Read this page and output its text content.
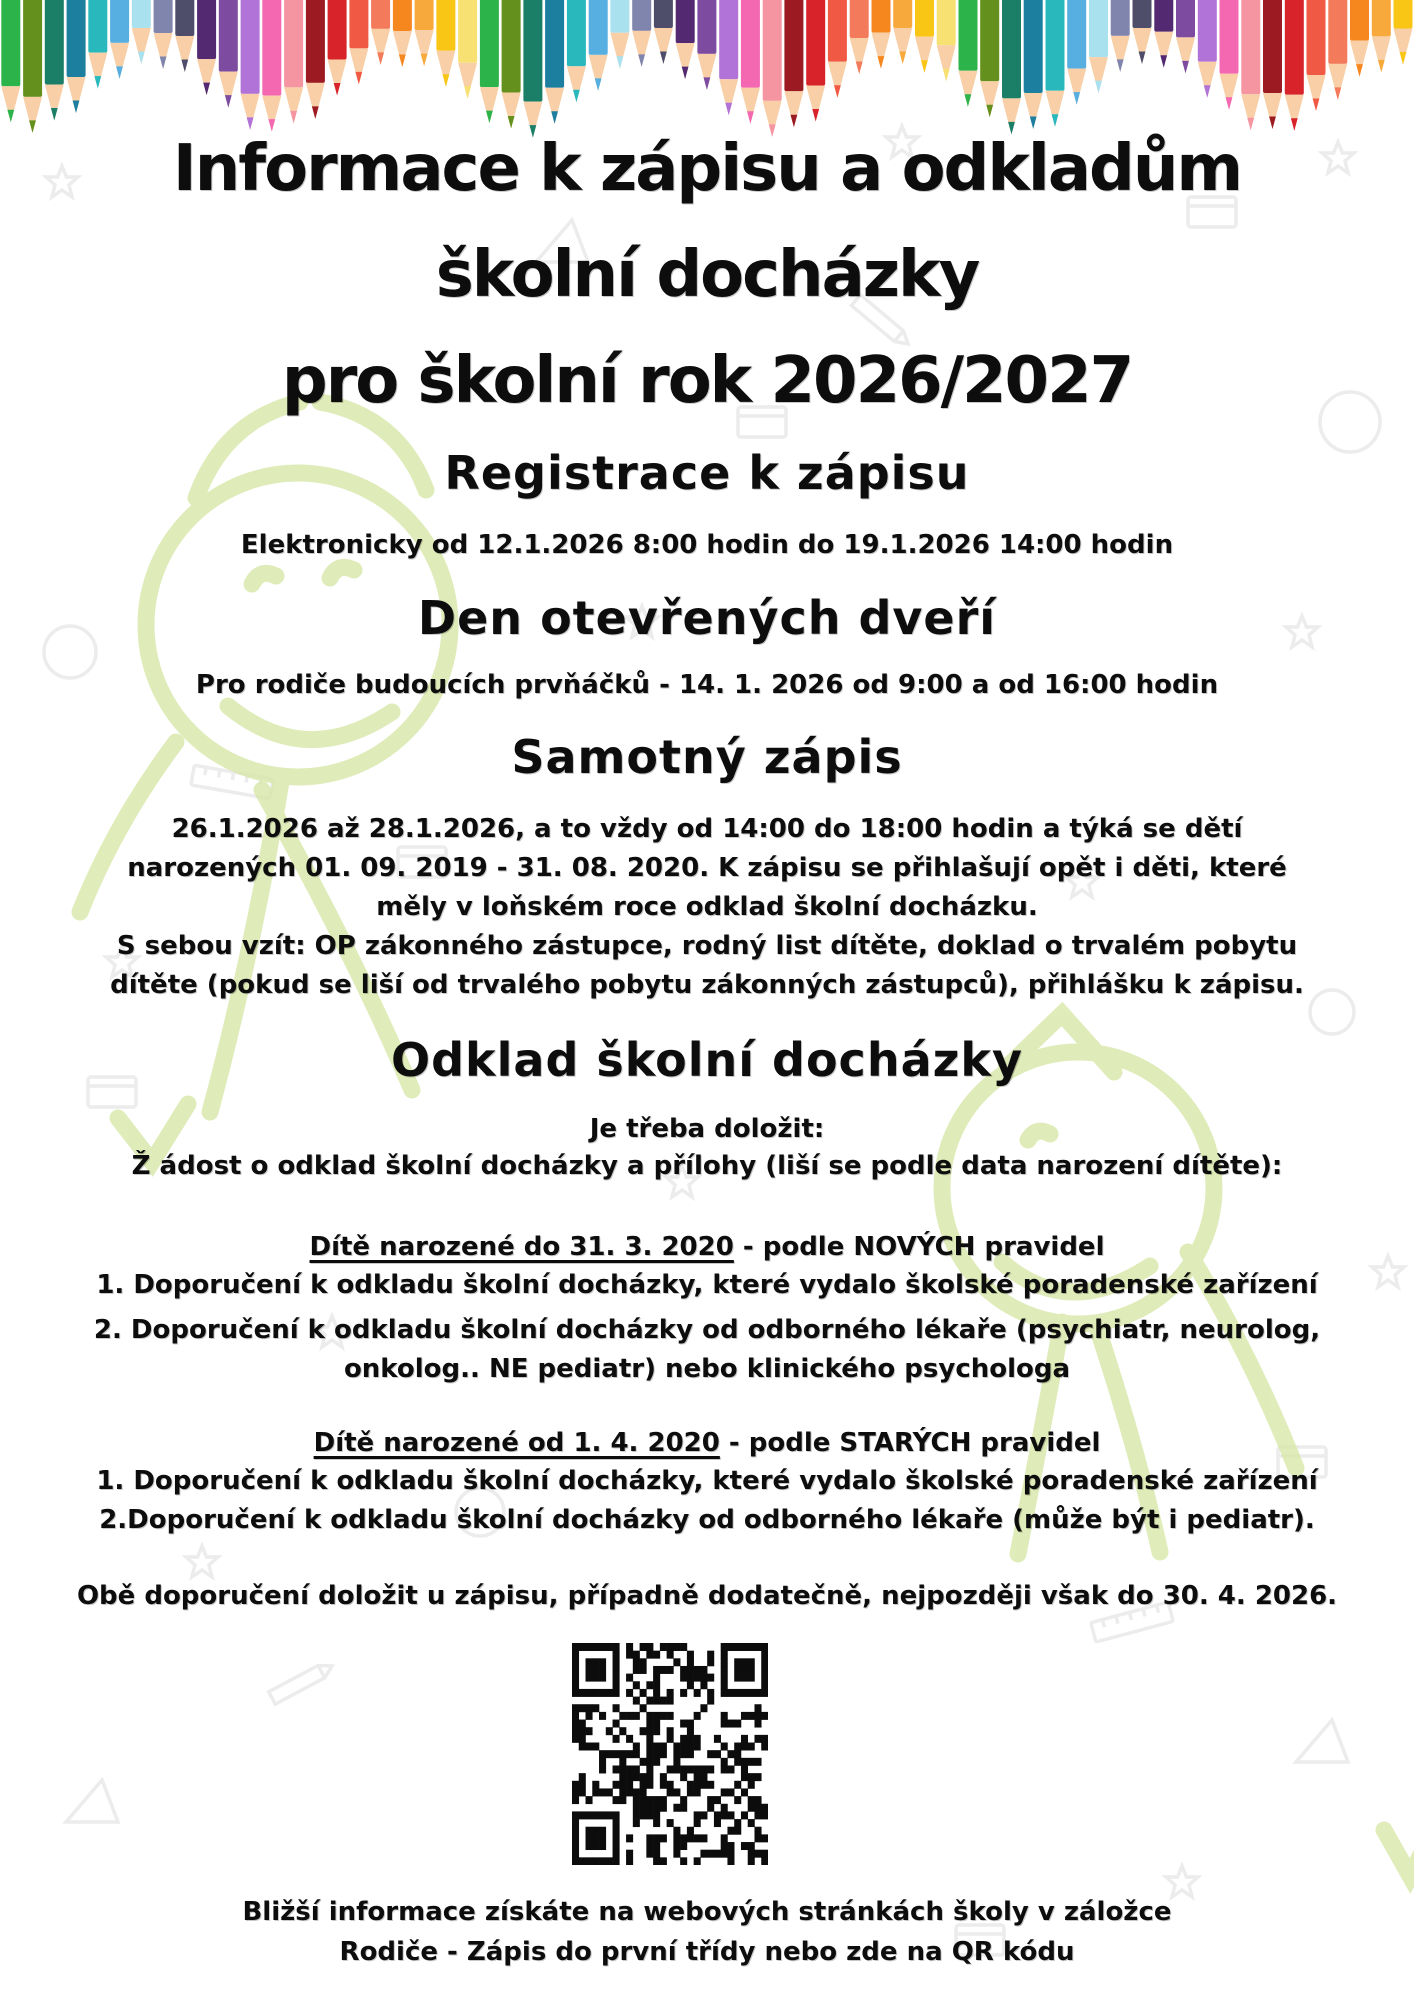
Informace k zápisu a odkladům
školní docházky
pro školní rok 2026/2027
Registrace k zápisu
Elektronicky od 12.1.2026 8:00 hodin do 19.1.2026 14:00 hodin
Den otevřených dveří
Pro rodiče budoucích prvňáčků - 14. 1. 2026 od 9:00 a od 16:00 hodin
Samotný zápis
26.1.2026 až 28.1.2026, a to vždy od 14:00 do 18:00 hodin a týká se dětí
narozených 01. 09. 2019 - 31. 08. 2020. K zápisu se přihlašují opět i děti, které
měly v loňském roce odklad školní docházku.
S sebou vzít: OP zákonného zástupce, rodný list dítěte, doklad o trvalém pobytu
dítěte (pokud se liší od trvalého pobytu zákonných zástupců), přihlášku k zápisu.
Odklad školní docházky
Je třeba doložit:
Ž ádost o odklad školní docházky a přílohy (liší se podle data narození dítěte):
Dítě narozené do 31. 3. 2020 - podle NOVÝCH pravidel
1. Doporučení k odkladu školní docházky, které vydalo školské poradenské zařízení
2. Doporučení k odkladu školní docházky od odborného lékaře (psychiatr, neurolog,
onkolog.. NE pediatr) nebo klinického psychologa
Dítě narozené od 1. 4. 2020 - podle STARÝCH pravidel
1. Doporučení k odkladu školní docházky, které vydalo školské poradenské zařízení
2.Doporučení k odkladu školní docházky od odborného lékaře (může být i pediatr).
Obě doporučení doložit u zápisu, případně dodatečně, nejpozději však do 30. 4. 2026.
Bližší informace získáte na webových stránkách školy v záložce
Rodiče - Zápis do první třídy nebo zde na QR kódu
